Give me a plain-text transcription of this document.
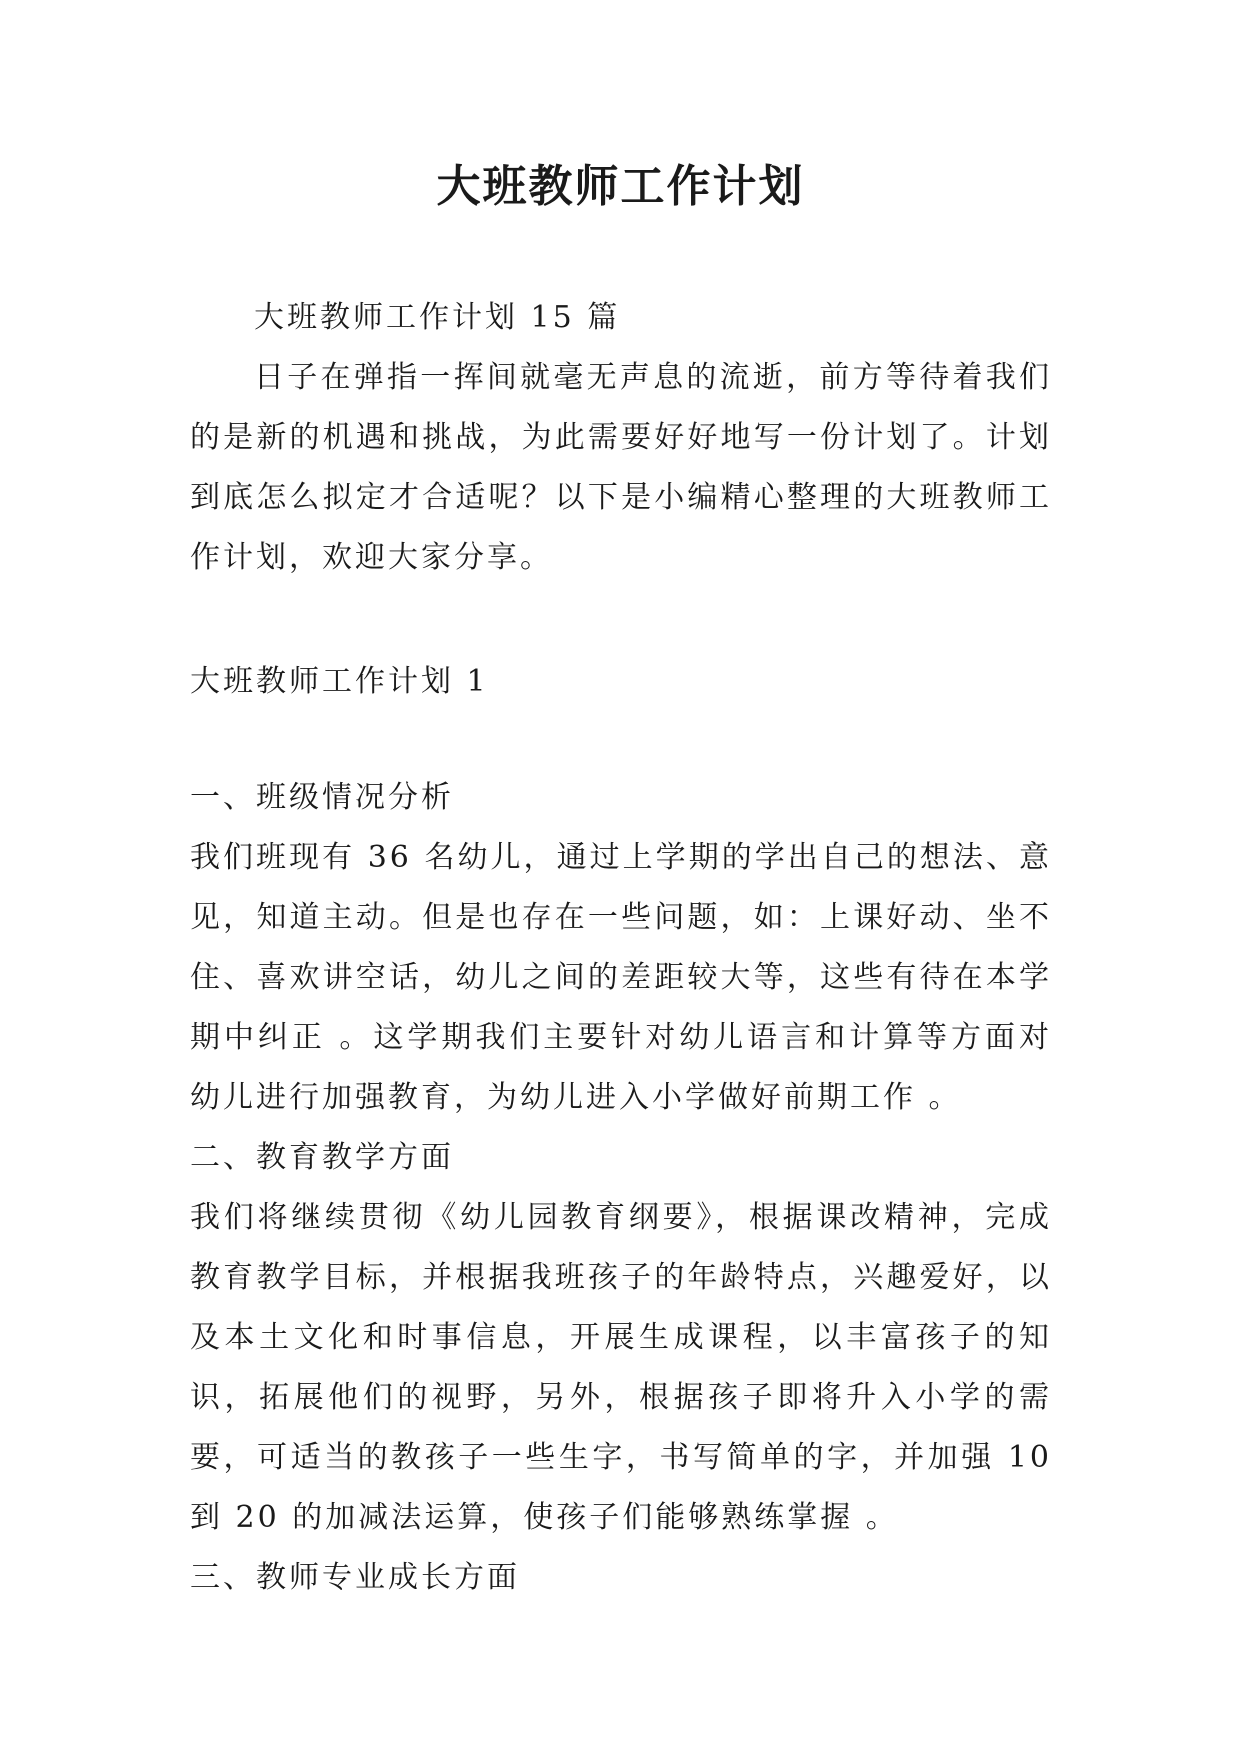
大班教师工作计划

大班教师工作计划 15 篇

日子在弹指一挥间就毫无声息的流逝，前方等待着我们的是新的机遇和挑战，为此需要好好地写一份计划了。计划到底怎么拟定才合适呢？以下是小编精心整理的大班教师工作计划，欢迎大家分享。

大班教师工作计划 1

一、班级情况分析

我们班现有 36 名幼儿，通过上学期的学出自己的想法、意见，知道主动。但是也存在一些问题，如：上课好动、坐不住、喜欢讲空话，幼儿之间的差距较大等，这些有待在本学期中纠正 。这学期我们主要针对幼儿语言和计算等方面对幼儿进行加强教育，为幼儿进入小学做好前期工作 。

二、教育教学方面

我们将继续贯彻《幼儿园教育纲要》，根据课改精神，完成教育教学目标，并根据我班孩子的年龄特点，兴趣爱好，以及本土文化和时事信息，开展生成课程，以丰富孩子的知识，拓展他们的视野，另外，根据孩子即将升入小学的需要，可适当的教孩子一些生字，书写简单的字，并加强 10 到 20 的加减法运算，使孩子们能够熟练掌握 。

三、教师专业成长方面
